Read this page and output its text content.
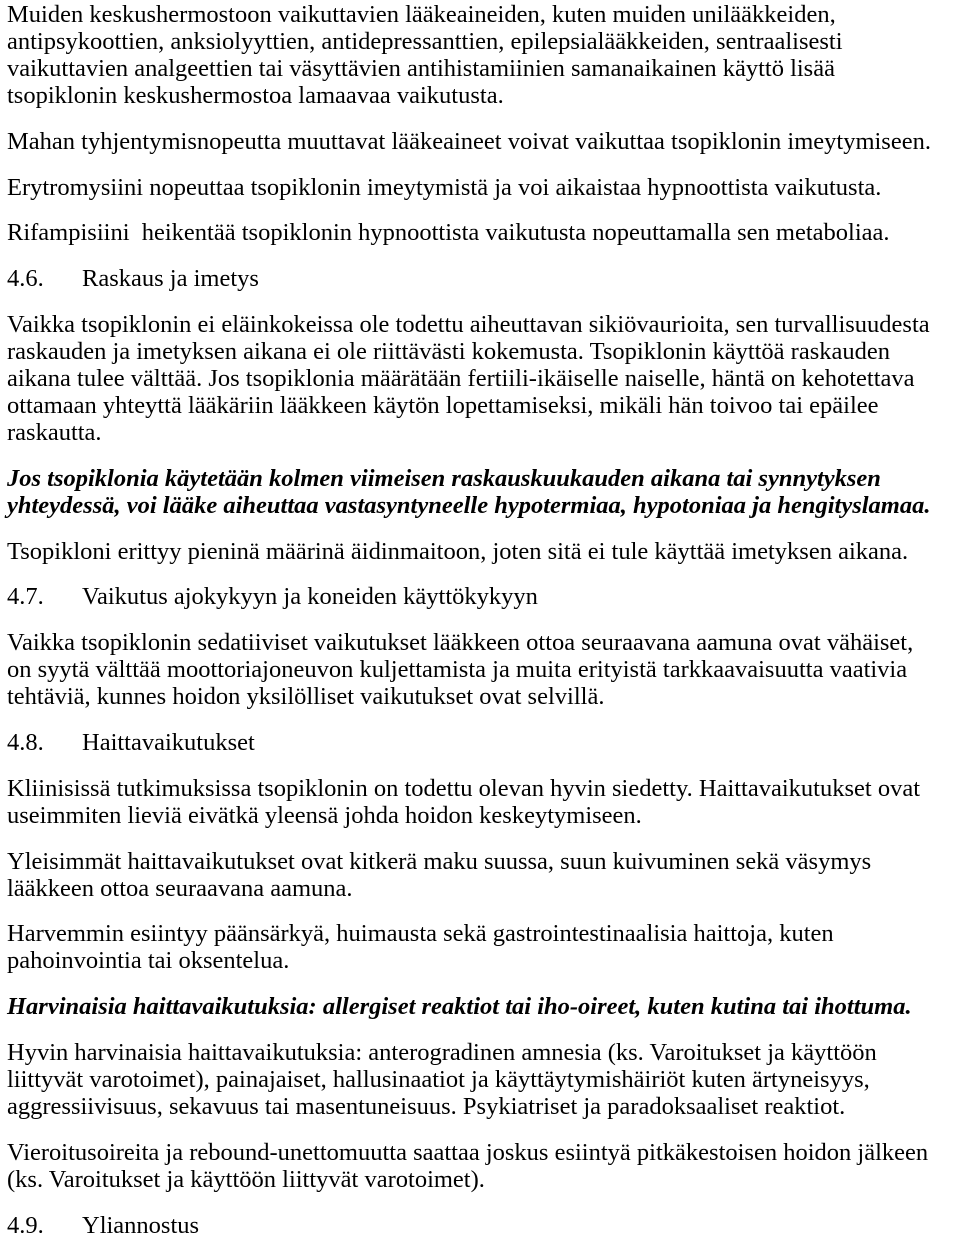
Muiden keskushermostoon vaikuttavien lääkeaineiden, kuten muiden unilääkkeiden,
antipsykoottien, anksiolyyttien, antidepressanttien, epilepsialääkkeiden, sentraalisesti
vaikuttavien analgeettien tai väsyttävien antihistamiinien samanaikainen käyttö lisää
tsopiklonin keskushermostoa lamaavaa vaikutusta.
Mahan tyhjentymisnopeutta muuttavat lääkeaineet voivat vaikuttaa tsopiklonin imeytymiseen.
Erytromysiini nopeuttaa tsopiklonin imeytymistä ja voi aikaistaa hypnoottista vaikutusta.
Rifampisiini  heikentää tsopiklonin hypnoottista vaikutusta nopeuttamalla sen metaboliaa.
4.6. Raskaus ja imetys
Vaikka tsopiklonin ei eläinkokeissa ole todettu aiheuttavan sikiövaurioita, sen turvallisuudesta
raskauden ja imetyksen aikana ei ole riittävästi kokemusta. Tsopiklonin käyttöä raskauden
aikana tulee välttää. Jos tsopiklonia määrätään fertiili-ikäiselle naiselle, häntä on kehotettava
ottamaan yhteyttä lääkäriin lääkkeen käytön lopettamiseksi, mikäli hän toivoo tai epäilee
raskautta.
Jos tsopiklonia käytetään kolmen viimeisen raskauskuukauden aikana tai synnytyksen
yhteydessä, voi lääke aiheuttaa vastasyntyneelle hypotermiaa, hypotoniaa ja hengityslamaa.
Tsopikloni erittyy pieninä määrinä äidinmaitoon, joten sitä ei tule käyttää imetyksen aikana.
4.7. Vaikutus ajokykyyn ja koneiden käyttökykyyn
Vaikka tsopiklonin sedatiiviset vaikutukset lääkkeen ottoa seuraavana aamuna ovat vähäiset,
on syytä välttää moottoriajoneuvon kuljettamista ja muita erityistä tarkkaavaisuutta vaativia
tehtäviä, kunnes hoidon yksilölliset vaikutukset ovat selvillä.
4.8. Haittavaikutukset
Kliinisissä tutkimuksissa tsopiklonin on todettu olevan hyvin siedetty. Haittavaikutukset ovat
useimmiten lieviä eivätkä yleensä johda hoidon keskeytymiseen.
Yleisimmät haittavaikutukset ovat kitkerä maku suussa, suun kuivuminen sekä väsymys
lääkkeen ottoa seuraavana aamuna.
Harvemmin esiintyy päänsärkyä, huimausta sekä gastrointestinaalisia haittoja, kuten
pahoinvointia tai oksentelua.
Harvinaisia haittavaikutuksia: allergiset reaktiot tai iho-oireet, kuten kutina tai ihottuma.
Hyvin harvinaisia haittavaikutuksia: anterogradinen amnesia (ks. Varoitukset ja käyttöön
liittyvät varotoimet), painajaiset, hallusinaatiot ja käyttäytymishäiriöt kuten ärtyneisyys,
aggressiivisuus, sekavuus tai masentuneisuus. Psykiatriset ja paradoksaaliset reaktiot.
Vieroitusoireita ja rebound-unettomuutta saattaa joskus esiintyä pitkäkestoisen hoidon jälkeen
(ks. Varoitukset ja käyttöön liittyvät varotoimet).
4.9. Yliannostus
